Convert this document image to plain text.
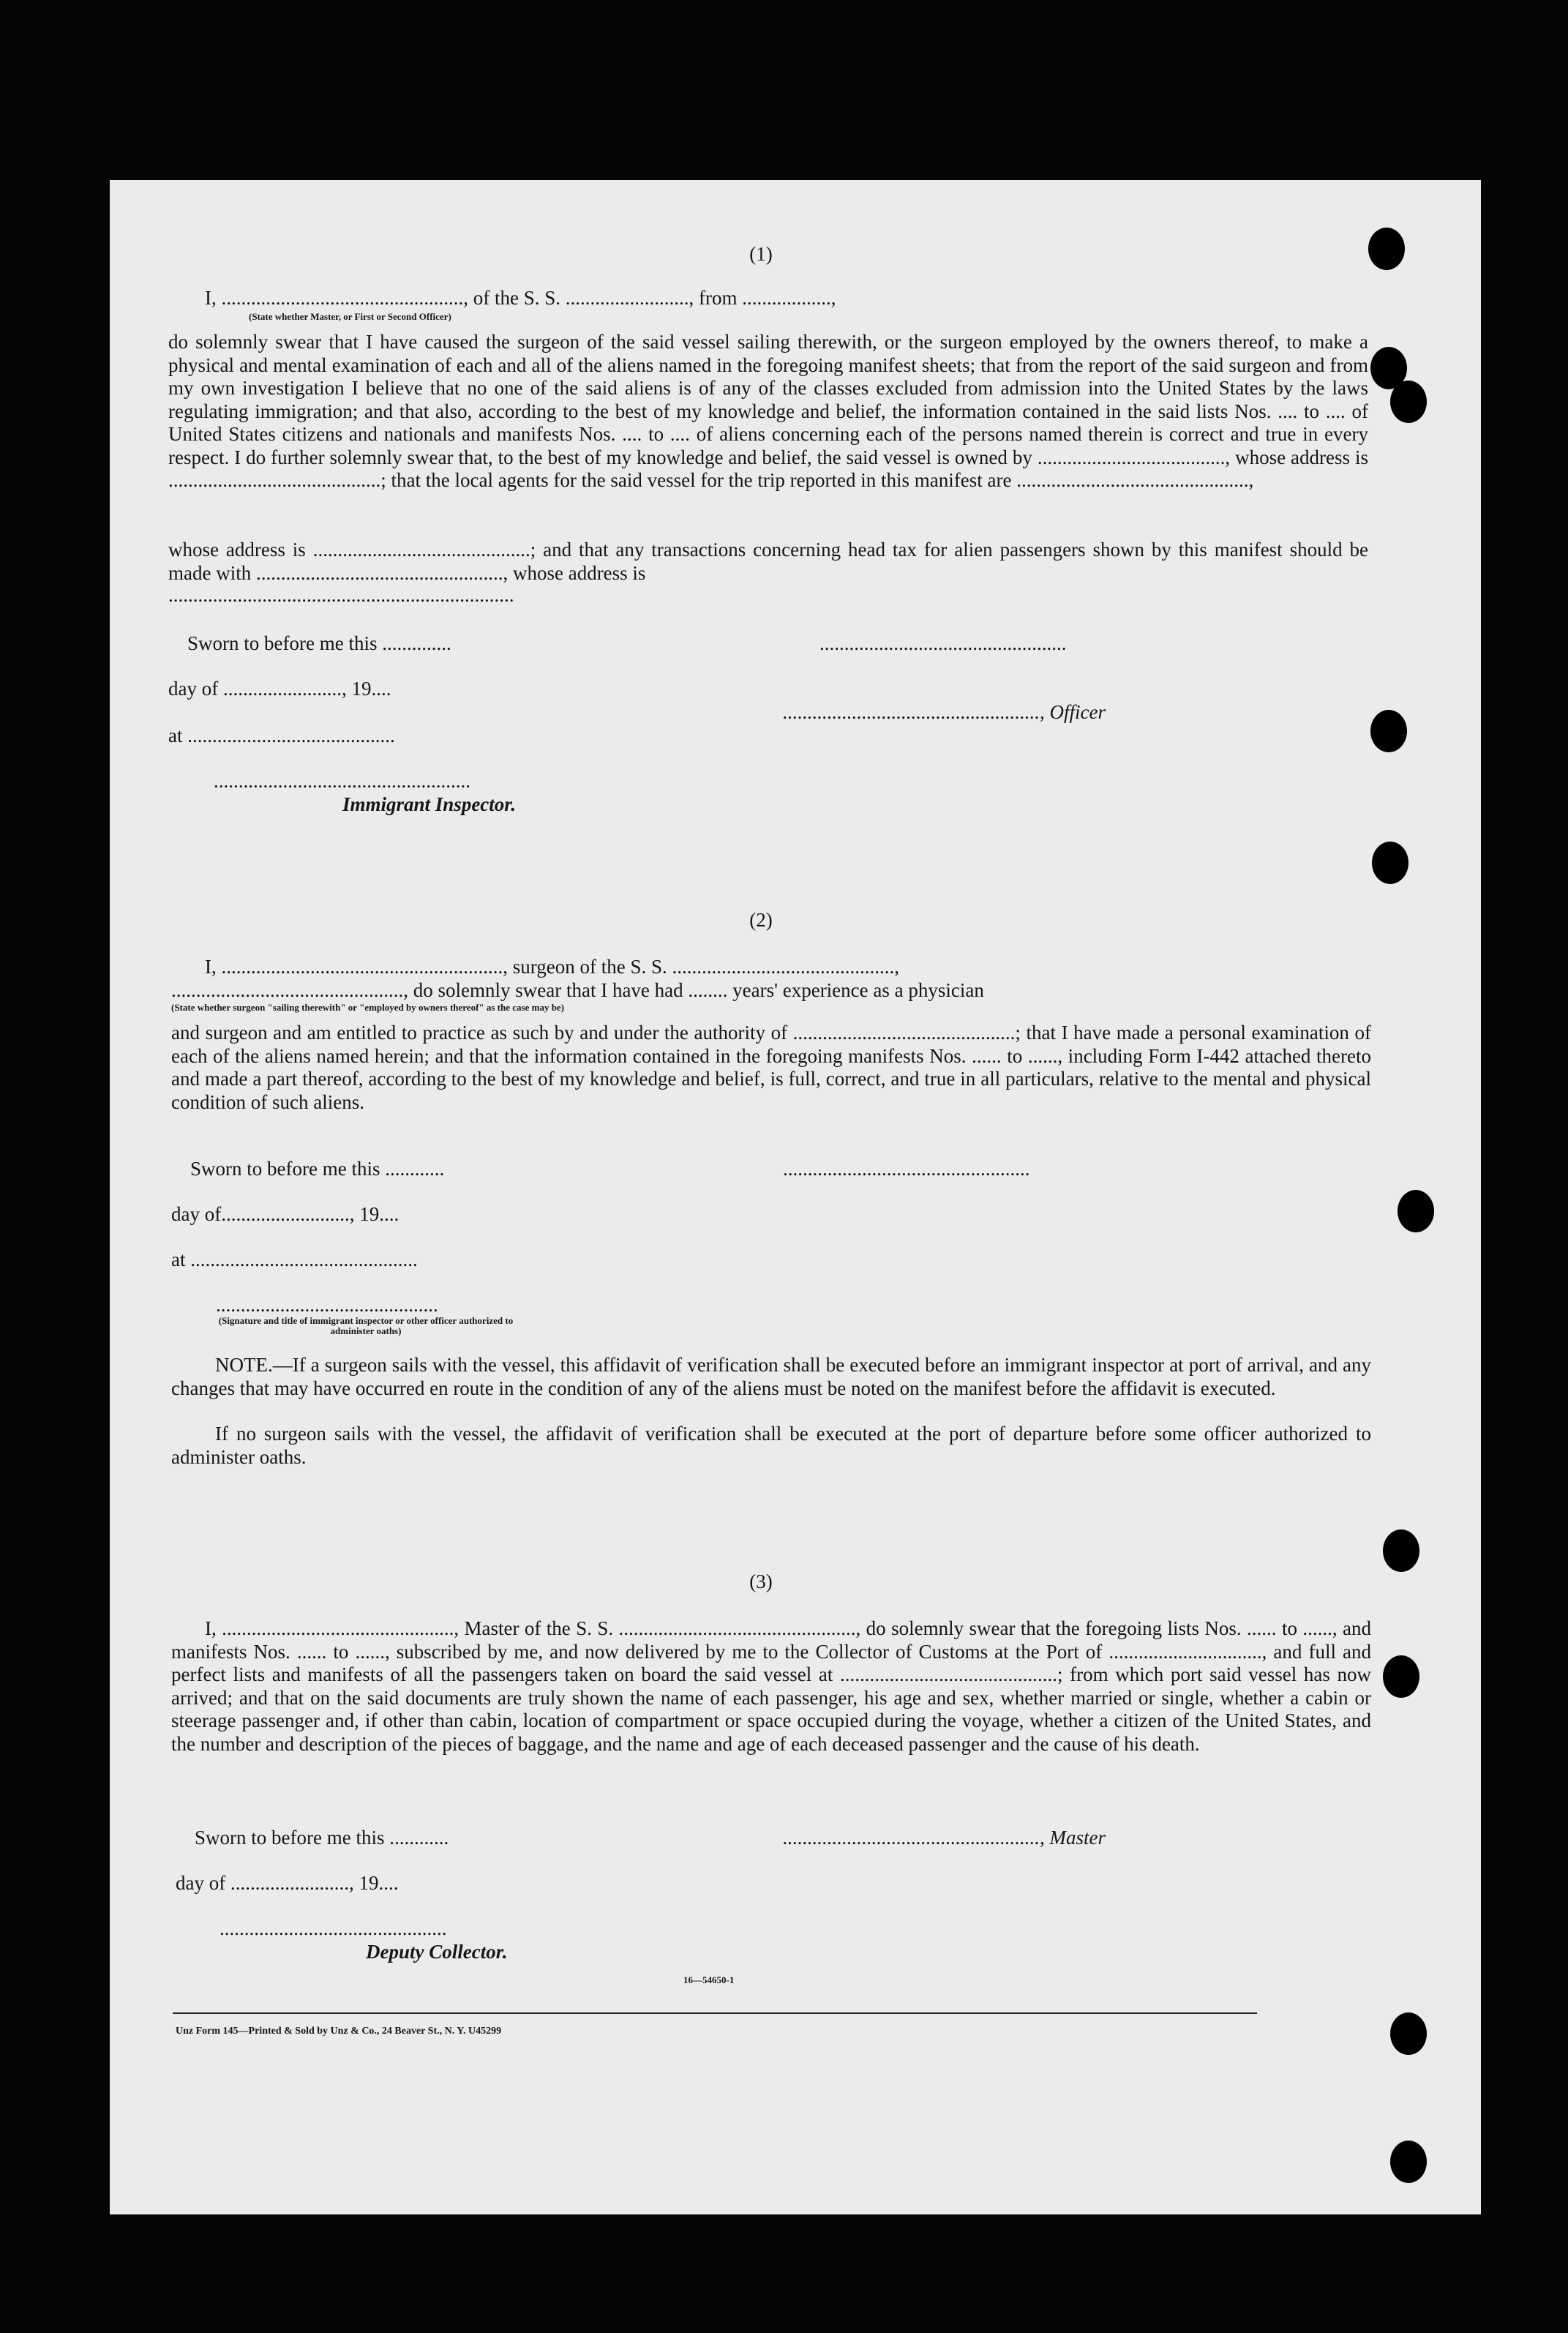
(1)
I, ................................................., of the S. S. ........................., from ..................,
(State whether Master, or First or Second Officer)
do solemnly swear that I have caused the surgeon of the said vessel sailing therewith, or the surgeon employed by the owners thereof, to make a physical and mental examination of each and all of the aliens named in the foregoing manifest sheets; that from the report of the said surgeon and from my own investigation I believe that no one of the said aliens is of any of the classes excluded from admission into the United States by the laws regulating immigration; and that also, according to the best of my knowledge and belief, the information contained in the said lists Nos. .... to .... of United States citizens and nationals and manifests Nos. .... to .... of aliens concerning each of the persons named therein is correct and true in every respect. I do further solemnly swear that, to the best of my knowledge and belief, the said vessel is owned by ......................................, whose address is ...........................................; that the local agents for the said vessel for the trip reported in this manifest are ...............................................,
whose address is ............................................; and that any transactions concerning head tax for alien passengers shown by this manifest should be made with .................................................., whose address is
......................................................................
Sworn to before me this ..............	..................................................
day of ........................, 19....
...................................................., Officer
at ..........................................
....................................................
Immigrant Inspector.
(2)
I, ........................................................., surgeon of the S. S. .............................................,
..............................................., do solemnly swear that I have had ........ years' experience as a physician
(State whether surgeon "sailing therewith" or "employed by owners thereof" as the case may be)
and surgeon and am entitled to practice as such by and under the authority of .............................................; that I have made a personal examination of each of the aliens named herein; and that the information contained in the foregoing manifests Nos. ...... to ......, including Form I-442 attached thereto and made a part thereof, according to the best of my knowledge and belief, is full, correct, and true in all particulars, relative to the mental and physical condition of such aliens.
Sworn to before me this ............	..................................................
day of.........................., 19....
at ..............................................
.............................................
(Signature and title of immigrant inspector or other officer authorized to administer oaths)
NOTE.—If a surgeon sails with the vessel, this affidavit of verification shall be executed before an immigrant inspector at port of arrival, and any changes that may have occurred en route in the condition of any of the aliens must be noted on the manifest before the affidavit is executed.
If no surgeon sails with the vessel, the affidavit of verification shall be executed at the port of departure before some officer authorized to administer oaths.
(3)
I, ..............................................., Master of the S. S. ................................................, do solemnly swear that the foregoing lists Nos. ...... to ......, and manifests Nos. ...... to ......, subscribed by me, and now delivered by me to the Collector of Customs at the Port of ..............................., and full and perfect lists and manifests of all the passengers taken on board the said vessel at ............................................; from which port said vessel has now arrived; and that on the said documents are truly shown the name of each passenger, his age and sex, whether married or single, whether a cabin or steerage passenger and, if other than cabin, location of compartment or space occupied during the voyage, whether a citizen of the United States, and the number and description of the pieces of baggage, and the name and age of each deceased passenger and the cause of his death.
Sworn to before me this ............	...................................................., Master
day of ........................, 19....
..............................................
Deputy Collector.
16—54650-1
Unz Form 145—Printed & Sold by Unz & Co., 24 Beaver St., N. Y. U45299
